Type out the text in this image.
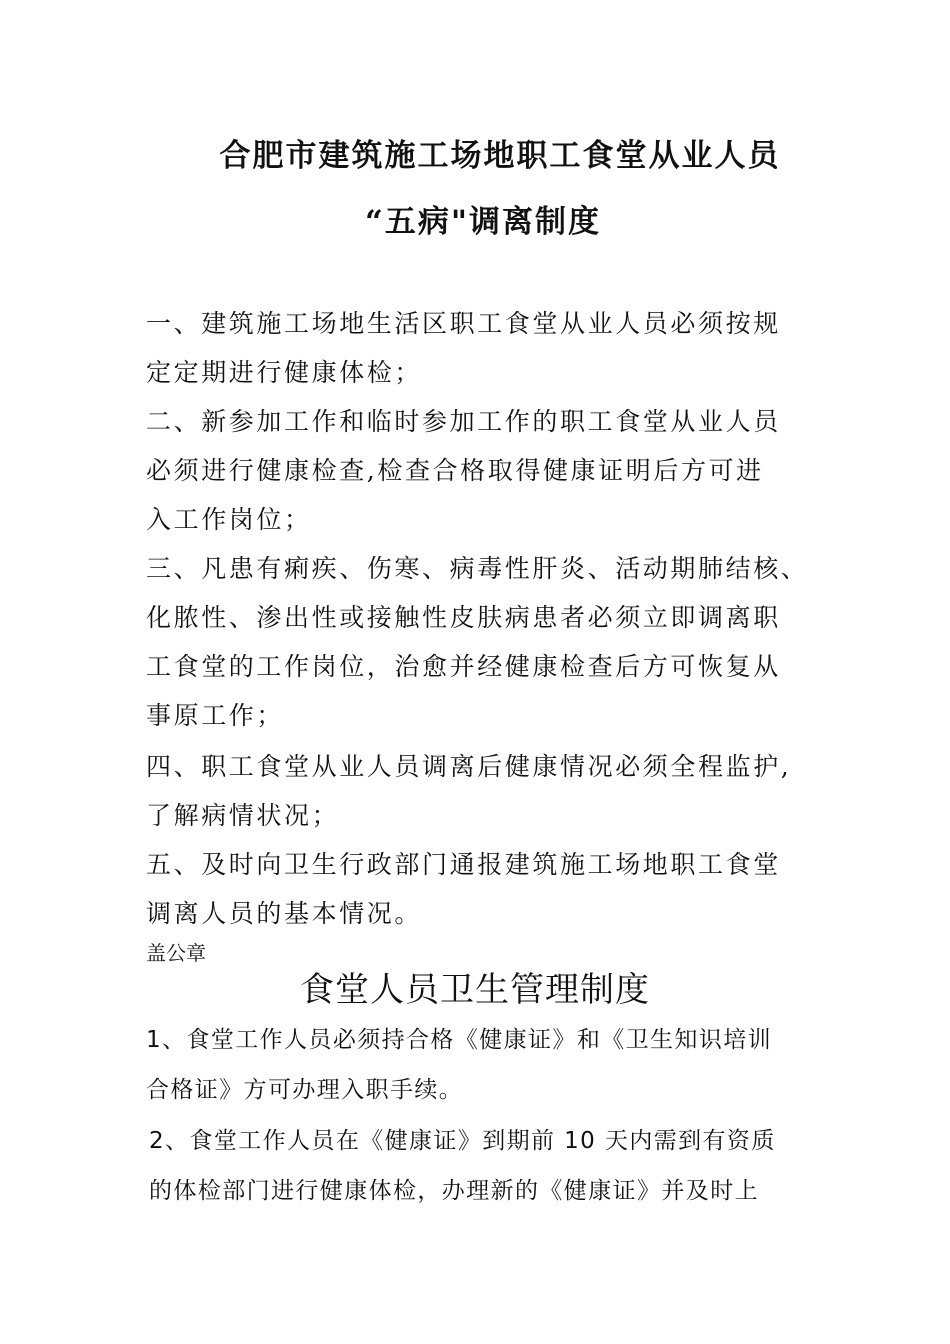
合肥市建筑施工场地职工食堂从业人员
“五病"调离制度
一、建筑施工场地生活区职工食堂从业人员必须按规
定定期进行健康体检；
二、新参加工作和临时参加工作的职工食堂从业人员
必须进行健康检查,检查合格取得健康证明后方可进
入工作岗位；
三、凡患有痢疾、伤寒、病毒性肝炎、活动期肺结核、
化脓性、渗出性或接触性皮肤病患者必须立即调离职
工食堂的工作岗位，治愈并经健康检查后方可恢复从
事原工作；
四、职工食堂从业人员调离后健康情况必须全程监护,
了解病情状况；
五、及时向卫生行政部门通报建筑施工场地职工食堂
调离人员的基本情况。
盖公章
食堂人员卫生管理制度
1、食堂工作人员必须持合格《健康证》和《卫生知识培训
合格证》方可办理入职手续。
2、食堂工作人员在《健康证》到期前 10 天内需到有资质
的体检部门进行健康体检，办理新的《健康证》并及时上
